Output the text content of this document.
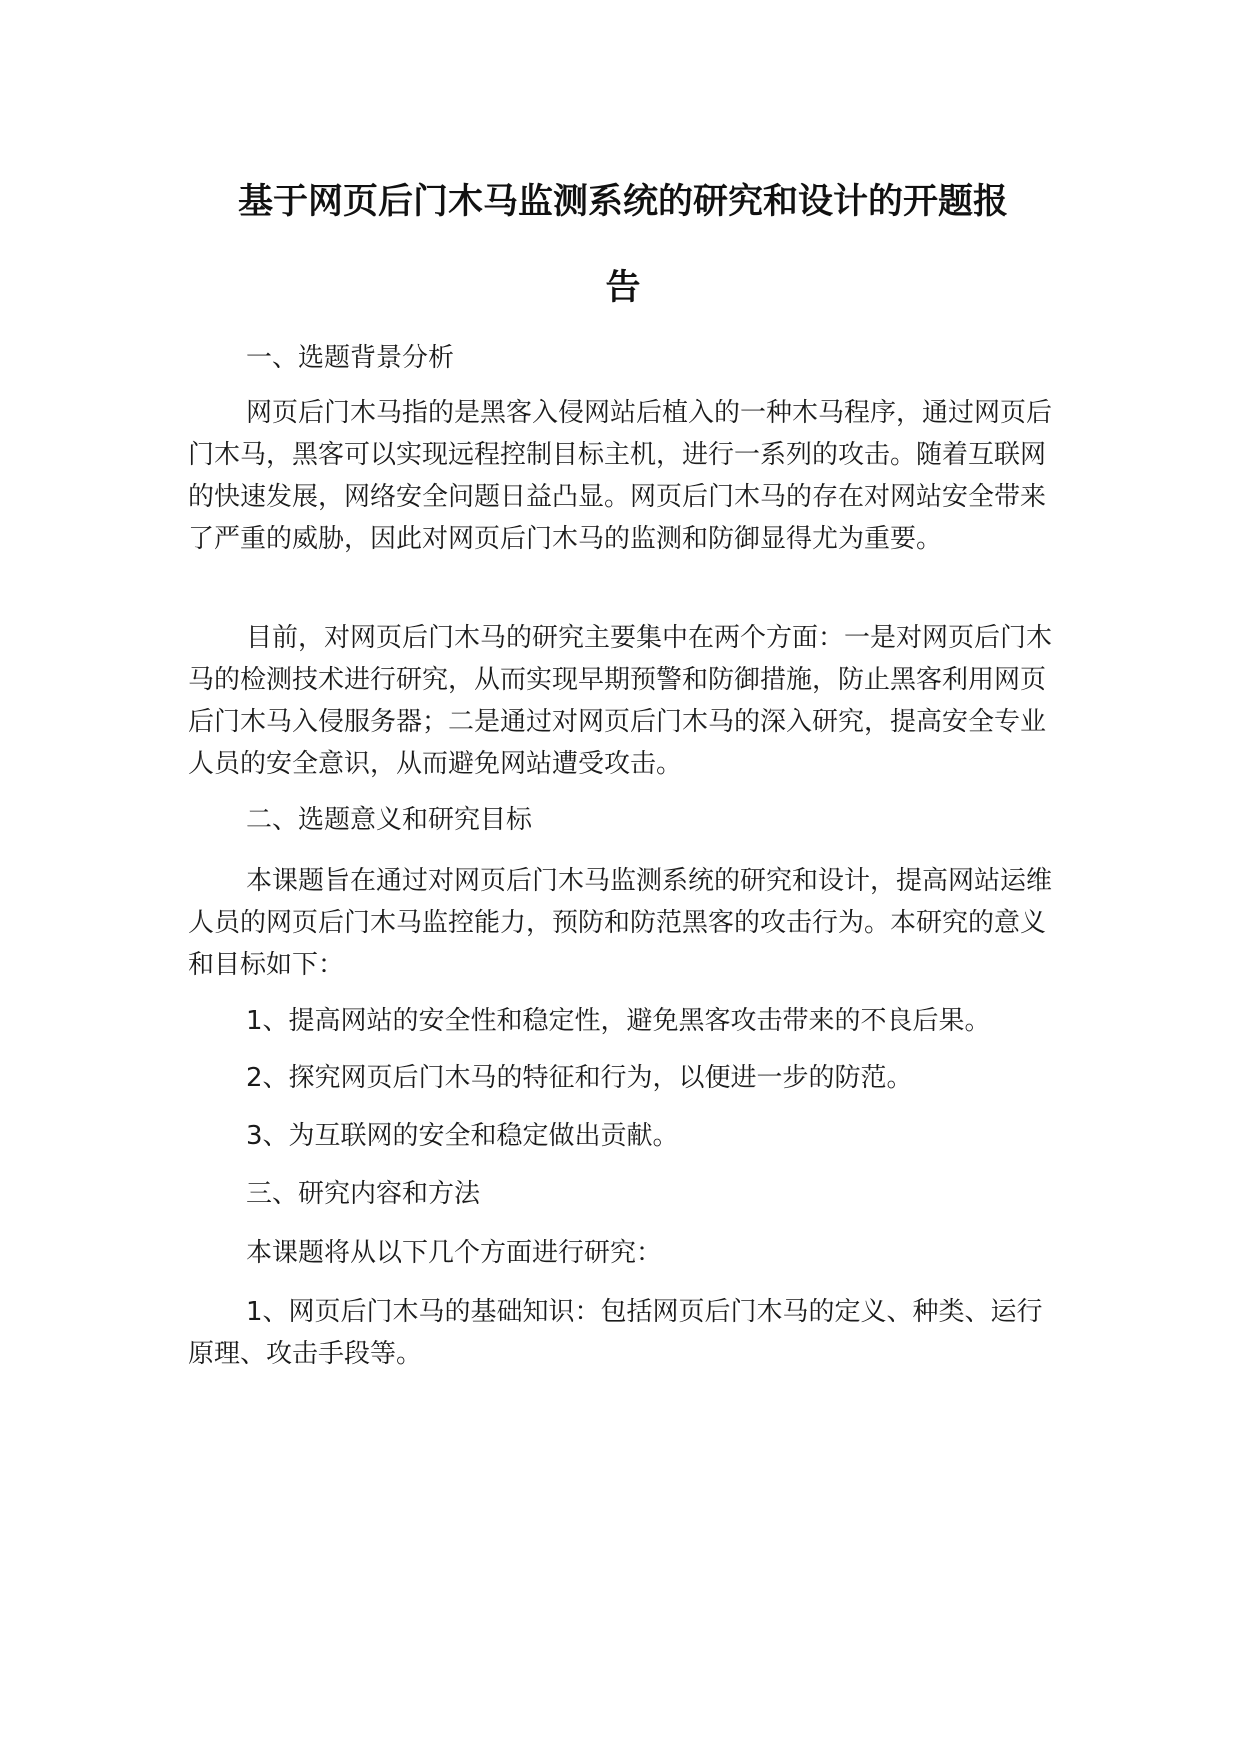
基于网页后门木马监测系统的研究和设计的开题报
告

一、选题背景分析

网页后门木马指的是黑客入侵网站后植入的一种木马程序，通过网页后门木马，黑客可以实现远程控制目标主机，进行一系列的攻击。随着互联网的快速发展，网络安全问题日益凸显。网页后门木马的存在对网站安全带来了严重的威胁，因此对网页后门木马的监测和防御显得尤为重要。

目前，对网页后门木马的研究主要集中在两个方面：一是对网页后门木马的检测技术进行研究，从而实现早期预警和防御措施，防止黑客利用网页后门木马入侵服务器；二是通过对网页后门木马的深入研究，提高安全专业人员的安全意识，从而避免网站遭受攻击。

二、选题意义和研究目标

本课题旨在通过对网页后门木马监测系统的研究和设计，提高网站运维人员的网页后门木马监控能力，预防和防范黑客的攻击行为。本研究的意义和目标如下：

1、提高网站的安全性和稳定性，避免黑客攻击带来的不良后果。

2、探究网页后门木马的特征和行为，以便进一步的防范。

3、为互联网的安全和稳定做出贡献。

三、研究内容和方法

本课题将从以下几个方面进行研究：

1、网页后门木马的基础知识：包括网页后门木马的定义、种类、运行原理、攻击手段等。
